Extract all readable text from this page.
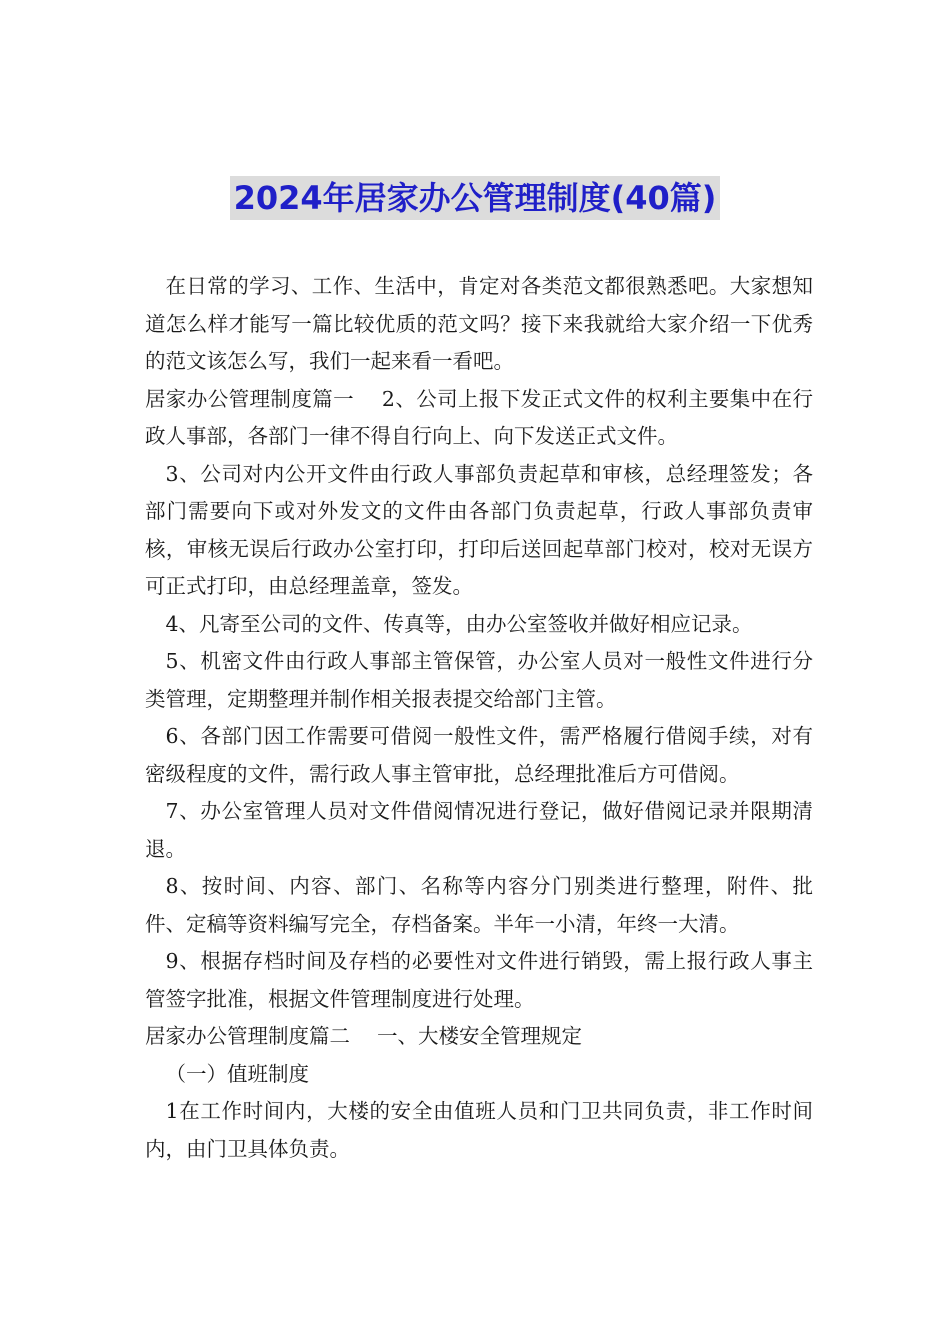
2024年居家办公管理制度(40篇)

在日常的学习、工作、生活中，肯定对各类范文都很熟悉吧。大家想知道怎么样才能写一篇比较优质的范文吗？接下来我就给大家介绍一下优秀的范文该怎么写，我们一起来看一看吧。

居家办公管理制度篇一　 2、公司上报下发正式文件的权利主要集中在行政人事部，各部门一律不得自行向上、向下发送正式文件。

3、公司对内公开文件由行政人事部负责起草和审核，总经理签发；各部门需要向下或对外发文的文件由各部门负责起草，行政人事部负责审核，审核无误后行政办公室打印，打印后送回起草部门校对，校对无误方可正式打印，由总经理盖章，签发。

4、凡寄至公司的文件、传真等，由办公室签收并做好相应记录。

5、机密文件由行政人事部主管保管，办公室人员对一般性文件进行分类管理，定期整理并制作相关报表提交给部门主管。

6、各部门因工作需要可借阅一般性文件，需严格履行借阅手续，对有密级程度的文件，需行政人事主管审批，总经理批准后方可借阅。

7、办公室管理人员对文件借阅情况进行登记，做好借阅记录并限期清退。

8、按时间、内容、部门、名称等内容分门别类进行整理，附件、批件、定稿等资料编写完全，存档备案。半年一小清，年终一大清。

9、根据存档时间及存档的必要性对文件进行销毁，需上报行政人事主管签字批准，根据文件管理制度进行处理。

居家办公管理制度篇二　 一、大楼安全管理规定

（一）值班制度

1在工作时间内，大楼的安全由值班人员和门卫共同负责，非工作时间内，由门卫具体负责。
